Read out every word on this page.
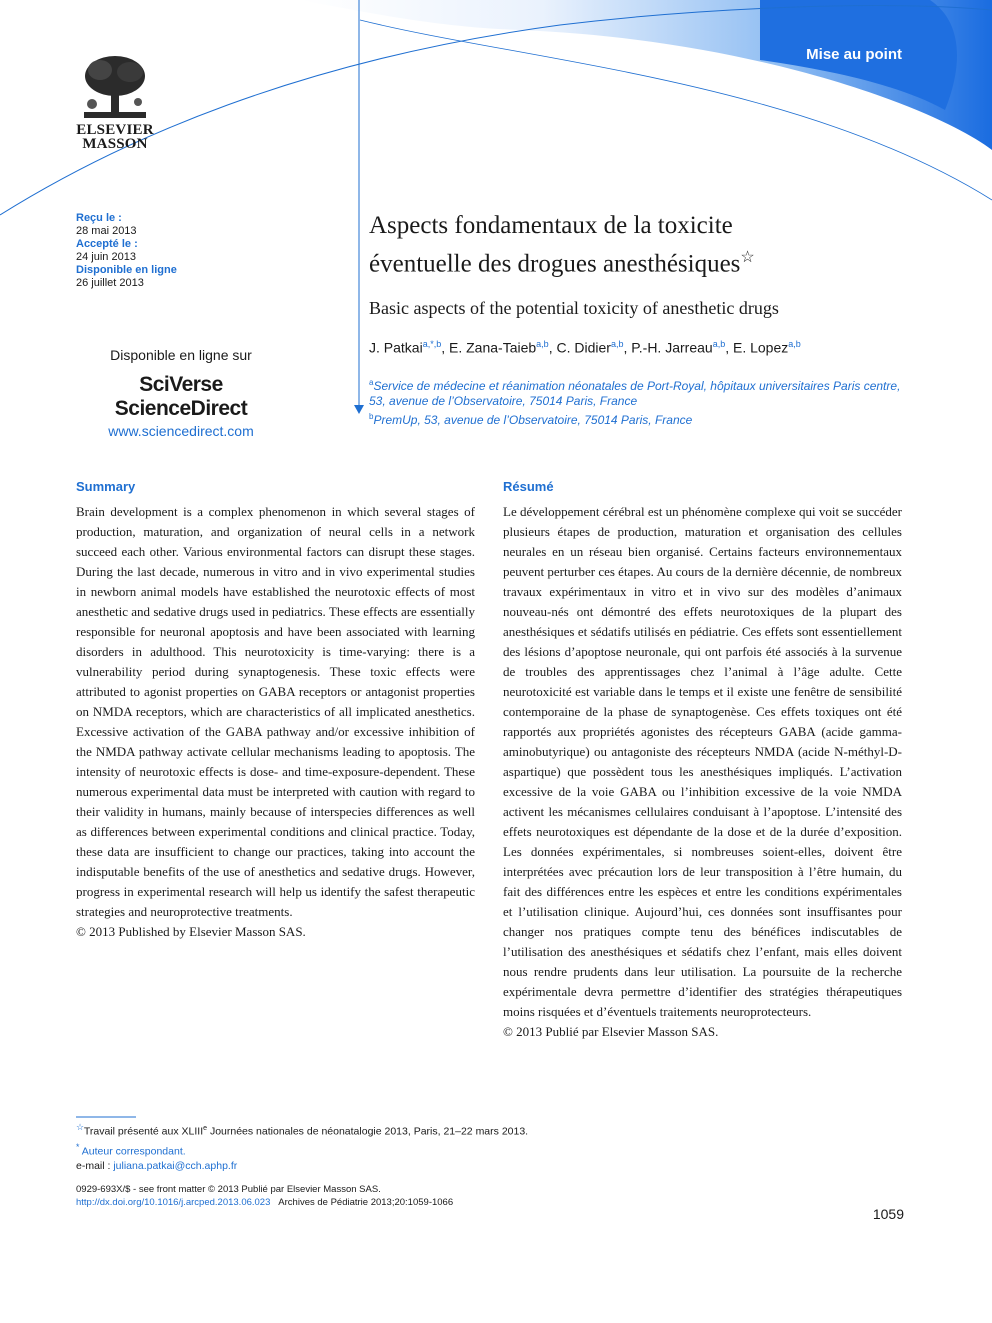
Mise au point
ELSEVIER
MASSON
Reçu le :
28 mai 2013
Accepté le :
24 juin 2013
Disponible en ligne
26 juillet 2013
Disponible en ligne sur
SciVerse ScienceDirect
www.sciencedirect.com
Aspects fondamentaux de la toxicite
éventuelle des drogues anesthésiques☆
Basic aspects of the potential toxicity of anesthetic drugs
J. Patkai$^{a,*,b}$, E. Zana-Taieb$^{a,b}$, C. Didier$^{a,b}$, P.-H. Jarreau$^{a,b}$, E. Lopez$^{a,b}$
$^a$Service de médecine et réanimation néonatales de Port-Royal, hôpitaux universitaires Paris centre, 53, avenue de l’Observatoire, 75014 Paris, France
$^b$PremUp, 53, avenue de l’Observatoire, 75014 Paris, France
Summary
Brain development is a complex phenomenon in which several stages of production, maturation, and organization of neural cells in a network succeed each other. Various environmental factors can disrupt these stages. During the last decade, numerous in vitro and in vivo experimental studies in newborn animal models have established the neurotoxic effects of most anesthetic and sedative drugs used in pediatrics. These effects are essentially responsible for neuronal apoptosis and have been associated with learning disorders in adulthood. This neurotoxicity is time-varying: there is a vulnerability period during synaptogenesis. These toxic effects were attributed to agonist properties on GABA receptors or antagonist properties on NMDA receptors, which are characteristics of all implicated anesthetics. Excessive activation of the GABA pathway and/or excessive inhibition of the NMDA pathway activate cellular mechanisms leading to apoptosis. The intensity of neurotoxic effects is dose- and time-exposure-dependent. These numerous experimental data must be interpreted with caution with regard to their validity in humans, mainly because of interspecies differences as well as differences between experimental conditions and clinical practice. Today, these data are insufficient to change our practices, taking into account the indisputable benefits of the use of anesthetics and sedative drugs. However, progress in experimental research will help us identify the safest therapeutic strategies and neuroprotective treatments.
© 2013 Published by Elsevier Masson SAS.
Résumé
Le développement cérébral est un phénomène complexe qui voit se succéder plusieurs étapes de production, maturation et organisation des cellules neurales en un réseau bien organisé. Certains facteurs environnementaux peuvent perturber ces étapes. Au cours de la dernière décennie, de nombreux travaux expérimentaux in vitro et in vivo sur des modèles d’animaux nouveau-nés ont démontré des effets neurotoxiques de la plupart des anesthésiques et sédatifs utilisés en pédiatrie. Ces effets sont essentiellement des lésions d’apoptose neuronale, qui ont parfois été associés à la survenue de troubles des apprentissages chez l’animal à l’âge adulte. Cette neurotoxicité est variable dans le temps et il existe une fenêtre de sensibilité contemporaine de la phase de synaptogenèse. Ces effets toxiques ont été rapportés aux propriétés agonistes des récepteurs GABA (acide gamma-aminobutyrique) ou antagoniste des récepteurs NMDA (acide N-méthyl-D-aspartique) que possèdent tous les anesthésiques impliqués. L’activation excessive de la voie GABA ou l’inhibition excessive de la voie NMDA activent les mécanismes cellulaires conduisant à l’apoptose. L’intensité des effets neurotoxiques est dépendante de la dose et de la durée d’exposition. Les données expérimentales, si nombreuses soient-elles, doivent être interprétées avec précaution lors de leur transposition à l’être humain, du fait des différences entre les espèces et entre les conditions expérimentales et l’utilisation clinique. Aujourd’hui, ces données sont insuffisantes pour changer nos pratiques compte tenu des bénéfices indiscutables de l’utilisation des anesthésiques et sédatifs chez l’enfant, mais elles doivent nous rendre prudents dans leur utilisation. La poursuite de la recherche expérimentale devra permettre d’identifier des stratégies thérapeutiques moins risquées et d’éventuels traitements neuroprotecteurs.
© 2013 Publié par Elsevier Masson SAS.
☆Travail présenté aux XLIIIe Journées nationales de néonatalogie 2013, Paris, 21–22 mars 2013.
* Auteur correspondant.
e-mail : juliana.patkai@cch.aphp.fr
0929-693X/$ - see front matter © 2013 Publié par Elsevier Masson SAS.
http://dx.doi.org/10.1016/j.arcped.2013.06.023 Archives de Pédiatrie 2013;20:1059-1066
1059
